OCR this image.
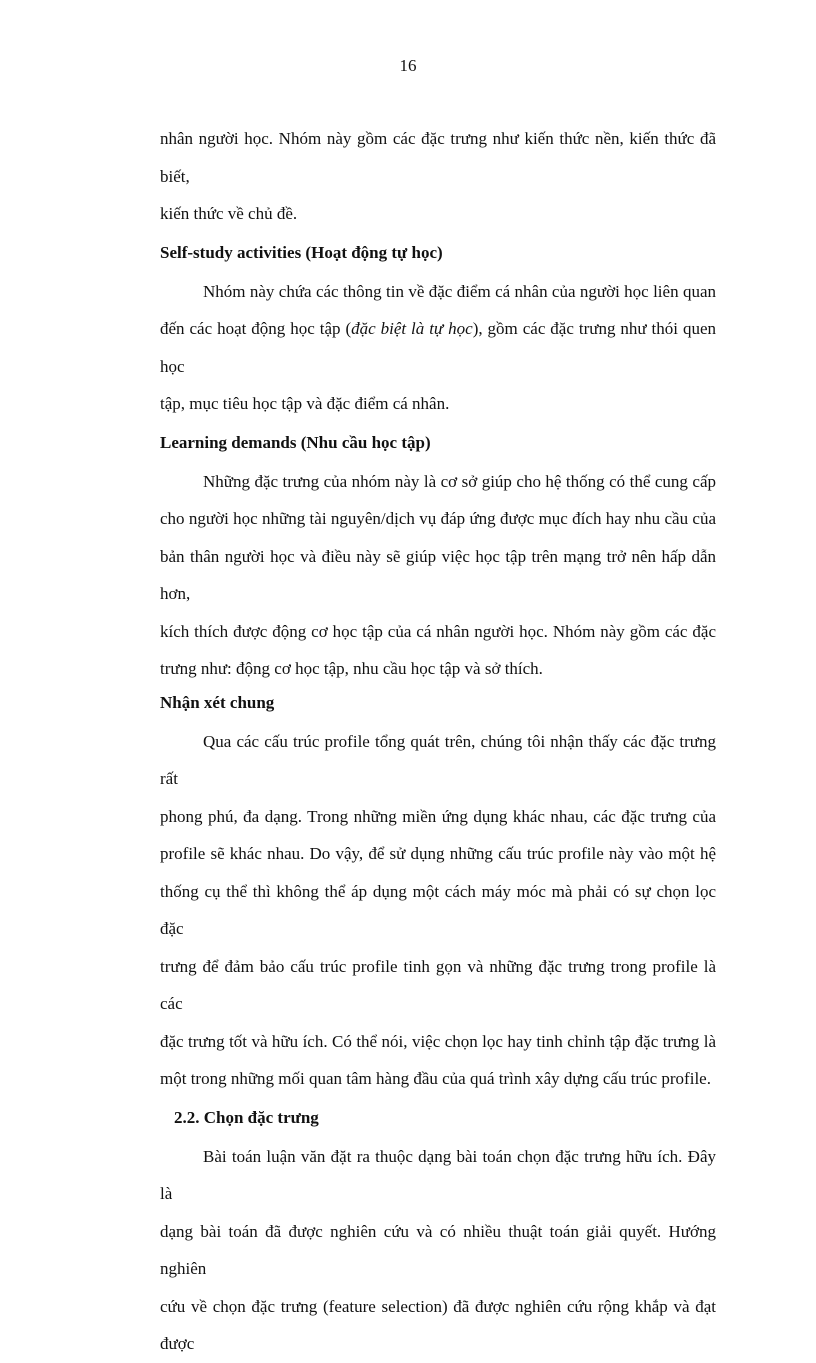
16

nhân người học. Nhóm này gồm các đặc trưng như kiến thức nền, kiến thức đã biết,
kiến thức về chủ đề.

Self-study activities (Hoạt động tự học)

Nhóm này chứa các thông tin về đặc điểm cá nhân của người học liên quan
đến các hoạt động học tập (đặc biệt là tự học), gồm các đặc trưng như thói quen học
tập, mục tiêu học tập và đặc điểm cá nhân.

Learning demands (Nhu cầu học tập)

Những đặc trưng của nhóm này là cơ sở giúp cho hệ thống có thể cung cấp
cho người học những tài nguyên/dịch vụ đáp ứng được mục đích hay nhu cầu của
bản thân người học và điều này sẽ giúp việc học tập trên mạng trở nên hấp dẫn hơn,
kích thích được động cơ học tập của cá nhân người học. Nhóm này gồm các đặc
trưng như: động cơ học tập, nhu cầu học tập và sở thích.

Nhận xét chung

Qua các cấu trúc profile tổng quát trên, chúng tôi nhận thấy các đặc trưng rất
phong phú, đa dạng. Trong những miền ứng dụng khác nhau, các đặc trưng của
profile sẽ khác nhau. Do vậy, để sử dụng những cấu trúc profile này vào một hệ
thống cụ thể thì không thể áp dụng một cách máy móc mà phải có sự chọn lọc đặc
trưng để đảm bảo cấu trúc profile tinh gọn và những đặc trưng trong profile là các
đặc trưng tốt và hữu ích. Có thể nói, việc chọn lọc hay tinh chỉnh tập đặc trưng là
một trong những mối quan tâm hàng đầu của quá trình xây dựng cấu trúc profile.

2.2. Chọn đặc trưng

Bài toán luận văn đặt ra thuộc dạng bài toán chọn đặc trưng hữu ích. Đây là
dạng bài toán đã được nghiên cứu và có nhiều thuật toán giải quyết. Hướng nghiên
cứu về chọn đặc trưng (feature selection) đã được nghiên cứu rộng khắp và đạt được
